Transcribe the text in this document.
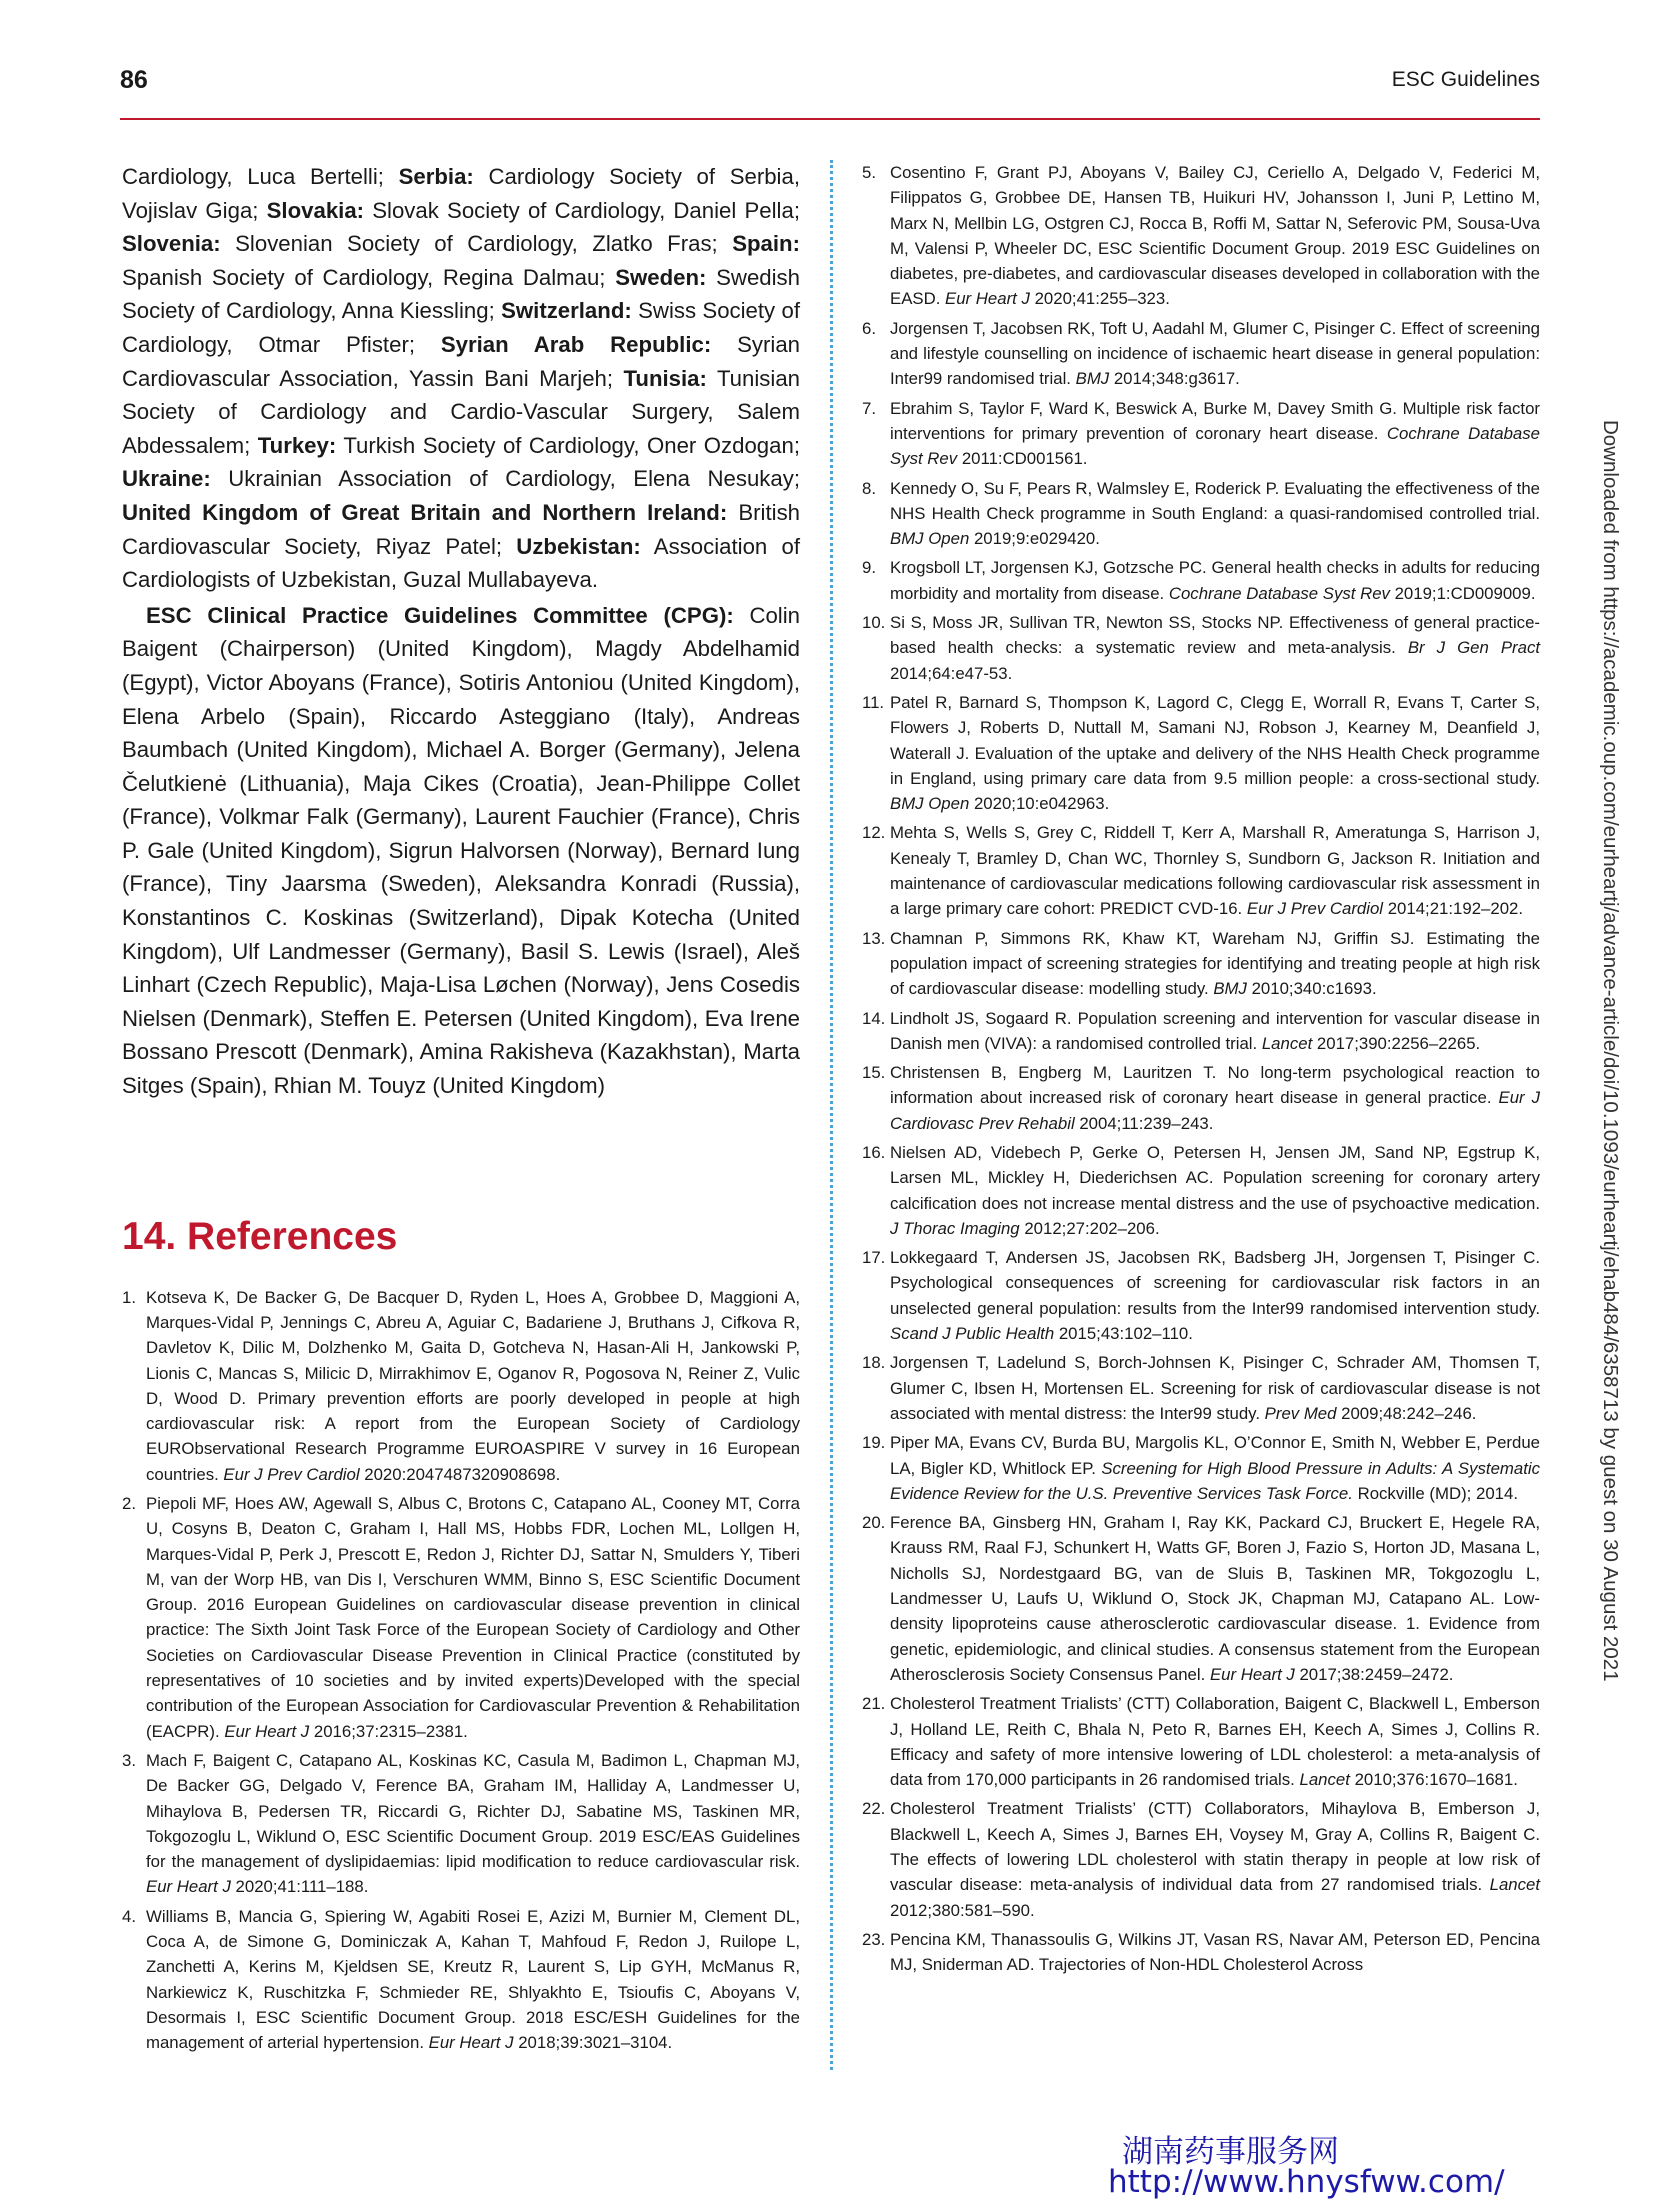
86	ESC Guidelines

Cardiology, Luca Bertelli; Serbia: Cardiology Society of Serbia, Vojislav Giga; Slovakia: Slovak Society of Cardiology, Daniel Pella; Slovenia: Slovenian Society of Cardiology, Zlatko Fras; Spain: Spanish Society of Cardiology, Regina Dalmau; Sweden: Swedish Society of Cardiology, Anna Kiessling; Switzerland: Swiss Society of Cardiology, Otmar Pfister; Syrian Arab Republic: Syrian Cardiovascular Association, Yassin Bani Marjeh; Tunisia: Tunisian Society of Cardiology and Cardio-Vascular Surgery, Salem Abdessalem; Turkey: Turkish Society of Cardiology, Oner Ozdogan; Ukraine: Ukrainian Association of Cardiology, Elena Nesukay; United Kingdom of Great Britain and Northern Ireland: British Cardiovascular Society, Riyaz Patel; Uzbekistan: Association of Cardiologists of Uzbekistan, Guzal Mullabayeva.

ESC Clinical Practice Guidelines Committee (CPG): Colin Baigent (Chairperson) (United Kingdom), Magdy Abdelhamid (Egypt), Victor Aboyans (France), Sotiris Antoniou (United Kingdom), Elena Arbelo (Spain), Riccardo Asteggiano (Italy), Andreas Baumbach (United Kingdom), Michael A. Borger (Germany), Jelena Čelutkienė (Lithuania), Maja Cikes (Croatia), Jean-Philippe Collet (France), Volkmar Falk (Germany), Laurent Fauchier (France), Chris P. Gale (United Kingdom), Sigrun Halvorsen (Norway), Bernard Iung (France), Tiny Jaarsma (Sweden), Aleksandra Konradi (Russia), Konstantinos C. Koskinas (Switzerland), Dipak Kotecha (United Kingdom), Ulf Landmesser (Germany), Basil S. Lewis (Israel), Aleš Linhart (Czech Republic), Maja-Lisa Løchen (Norway), Jens Cosedis Nielsen (Denmark), Steffen E. Petersen (United Kingdom), Eva Irene Bossano Prescott (Denmark), Amina Rakisheva (Kazakhstan), Marta Sitges (Spain), Rhian M. Touyz (United Kingdom)

14. References
1. Kotseva K, De Backer G, De Bacquer D, Ryden L, Hoes A, Grobbee D, Maggioni A, Marques-Vidal P, Jennings C, Abreu A, Aguiar C, Badariene J, Bruthans J, Cifkova R, Davletov K, Dilic M, Dolzhenko M, Gaita D, Gotcheva N, Hasan-Ali H, Jankowski P, Lionis C, Mancas S, Milicic D, Mirrakhimov E, Oganov R, Pogosova N, Reiner Z, Vulic D, Wood D. Primary prevention efforts are poorly developed in people at high cardiovascular risk: A report from the European Society of Cardiology EURObservational Research Programme EUROASPIRE V survey in 16 European countries. Eur J Prev Cardiol 2020:2047487320908698.
2. Piepoli MF, Hoes AW, Agewall S, Albus C, Brotons C, Catapano AL, Cooney MT, Corra U, Cosyns B, Deaton C, Graham I, Hall MS, Hobbs FDR, Lochen ML, Lollgen H, Marques-Vidal P, Perk J, Prescott E, Redon J, Richter DJ, Sattar N, Smulders Y, Tiberi M, van der Worp HB, van Dis I, Verschuren WMM, Binno S, ESC Scientific Document Group. 2016 European Guidelines on cardiovascular disease prevention in clinical practice: The Sixth Joint Task Force of the European Society of Cardiology and Other Societies on Cardiovascular Disease Prevention in Clinical Practice (constituted by representatives of 10 societies and by invited experts)Developed with the special contribution of the European Association for Cardiovascular Prevention & Rehabilitation (EACPR). Eur Heart J 2016;37:2315–2381.
3. Mach F, Baigent C, Catapano AL, Koskinas KC, Casula M, Badimon L, Chapman MJ, De Backer GG, Delgado V, Ference BA, Graham IM, Halliday A, Landmesser U, Mihaylova B, Pedersen TR, Riccardi G, Richter DJ, Sabatine MS, Taskinen MR, Tokgozoglu L, Wiklund O, ESC Scientific Document Group. 2019 ESC/EAS Guidelines for the management of dyslipidaemias: lipid modification to reduce cardiovascular risk. Eur Heart J 2020;41:111–188.
4. Williams B, Mancia G, Spiering W, Agabiti Rosei E, Azizi M, Burnier M, Clement DL, Coca A, de Simone G, Dominiczak A, Kahan T, Mahfoud F, Redon J, Ruilope L, Zanchetti A, Kerins M, Kjeldsen SE, Kreutz R, Laurent S, Lip GYH, McManus R, Narkiewicz K, Ruschitzka F, Schmieder RE, Shlyakhto E, Tsioufis C, Aboyans V, Desormais I, ESC Scientific Document Group. 2018 ESC/ESH Guidelines for the management of arterial hypertension. Eur Heart J 2018;39:3021–3104.
5. Cosentino F, Grant PJ, Aboyans V, Bailey CJ, Ceriello A, Delgado V, Federici M, Filippatos G, Grobbee DE, Hansen TB, Huikuri HV, Johansson I, Juni P, Lettino M, Marx N, Mellbin LG, Ostgren CJ, Rocca B, Roffi M, Sattar N, Seferovic PM, Sousa-Uva M, Valensi P, Wheeler DC, ESC Scientific Document Group. 2019 ESC Guidelines on diabetes, pre-diabetes, and cardiovascular diseases developed in collaboration with the EASD. Eur Heart J 2020;41:255–323.
6. Jorgensen T, Jacobsen RK, Toft U, Aadahl M, Glumer C, Pisinger C. Effect of screening and lifestyle counselling on incidence of ischaemic heart disease in general population: Inter99 randomised trial. BMJ 2014;348:g3617.
7. Ebrahim S, Taylor F, Ward K, Beswick A, Burke M, Davey Smith G. Multiple risk factor interventions for primary prevention of coronary heart disease. Cochrane Database Syst Rev 2011:CD001561.
8. Kennedy O, Su F, Pears R, Walmsley E, Roderick P. Evaluating the effectiveness of the NHS Health Check programme in South England: a quasi-randomised controlled trial. BMJ Open 2019;9:e029420.
9. Krogsboll LT, Jorgensen KJ, Gotzsche PC. General health checks in adults for reducing morbidity and mortality from disease. Cochrane Database Syst Rev 2019;1:CD009009.
10. Si S, Moss JR, Sullivan TR, Newton SS, Stocks NP. Effectiveness of general practice-based health checks: a systematic review and meta-analysis. Br J Gen Pract 2014;64:e47-53.
11. Patel R, Barnard S, Thompson K, Lagord C, Clegg E, Worrall R, Evans T, Carter S, Flowers J, Roberts D, Nuttall M, Samani NJ, Robson J, Kearney M, Deanfield J, Waterall J. Evaluation of the uptake and delivery of the NHS Health Check programme in England, using primary care data from 9.5 million people: a cross-sectional study. BMJ Open 2020;10:e042963.
12. Mehta S, Wells S, Grey C, Riddell T, Kerr A, Marshall R, Ameratunga S, Harrison J, Kenealy T, Bramley D, Chan WC, Thornley S, Sundborn G, Jackson R. Initiation and maintenance of cardiovascular medications following cardiovascular risk assessment in a large primary care cohort: PREDICT CVD-16. Eur J Prev Cardiol 2014;21:192–202.
13. Chamnan P, Simmons RK, Khaw KT, Wareham NJ, Griffin SJ. Estimating the population impact of screening strategies for identifying and treating people at high risk of cardiovascular disease: modelling study. BMJ 2010;340:c1693.
14. Lindholt JS, Sogaard R. Population screening and intervention for vascular disease in Danish men (VIVA): a randomised controlled trial. Lancet 2017;390:2256–2265.
15. Christensen B, Engberg M, Lauritzen T. No long-term psychological reaction to information about increased risk of coronary heart disease in general practice. Eur J Cardiovasc Prev Rehabil 2004;11:239–243.
16. Nielsen AD, Videbech P, Gerke O, Petersen H, Jensen JM, Sand NP, Egstrup K, Larsen ML, Mickley H, Diederichsen AC. Population screening for coronary artery calcification does not increase mental distress and the use of psychoactive medication. J Thorac Imaging 2012;27:202–206.
17. Lokkegaard T, Andersen JS, Jacobsen RK, Badsberg JH, Jorgensen T, Pisinger C. Psychological consequences of screening for cardiovascular risk factors in an unselected general population: results from the Inter99 randomised intervention study. Scand J Public Health 2015;43:102–110.
18. Jorgensen T, Ladelund S, Borch-Johnsen K, Pisinger C, Schrader AM, Thomsen T, Glumer C, Ibsen H, Mortensen EL. Screening for risk of cardiovascular disease is not associated with mental distress: the Inter99 study. Prev Med 2009;48:242–246.
19. Piper MA, Evans CV, Burda BU, Margolis KL, O’Connor E, Smith N, Webber E, Perdue LA, Bigler KD, Whitlock EP. Screening for High Blood Pressure in Adults: A Systematic Evidence Review for the U.S. Preventive Services Task Force. Rockville (MD); 2014.
20. Ference BA, Ginsberg HN, Graham I, Ray KK, Packard CJ, Bruckert E, Hegele RA, Krauss RM, Raal FJ, Schunkert H, Watts GF, Boren J, Fazio S, Horton JD, Masana L, Nicholls SJ, Nordestgaard BG, van de Sluis B, Taskinen MR, Tokgozoglu L, Landmesser U, Laufs U, Wiklund O, Stock JK, Chapman MJ, Catapano AL. Low-density lipoproteins cause atherosclerotic cardiovascular disease. 1. Evidence from genetic, epidemiologic, and clinical studies. A consensus statement from the European Atherosclerosis Society Consensus Panel. Eur Heart J 2017;38:2459–2472.
21. Cholesterol Treatment Trialists’ (CTT) Collaboration, Baigent C, Blackwell L, Emberson J, Holland LE, Reith C, Bhala N, Peto R, Barnes EH, Keech A, Simes J, Collins R. Efficacy and safety of more intensive lowering of LDL cholesterol: a meta-analysis of data from 170,000 participants in 26 randomised trials. Lancet 2010;376:1670–1681.
22. Cholesterol Treatment Trialists’ (CTT) Collaborators, Mihaylova B, Emberson J, Blackwell L, Keech A, Simes J, Barnes EH, Voysey M, Gray A, Collins R, Baigent C. The effects of lowering LDL cholesterol with statin therapy in people at low risk of vascular disease: meta-analysis of individual data from 27 randomised trials. Lancet 2012;380:581–590.
23. Pencina KM, Thanassoulis G, Wilkins JT, Vasan RS, Navar AM, Peterson ED, Pencina MJ, Sniderman AD. Trajectories of Non-HDL Cholesterol Across
Downloaded from https://academic.oup.com/eurheartj/advance-article/doi/10.1093/eurheartj/ehab484/6358713 by guest on 30 August 2021
湖南药事服务网
http://www.hnysfww.com/
